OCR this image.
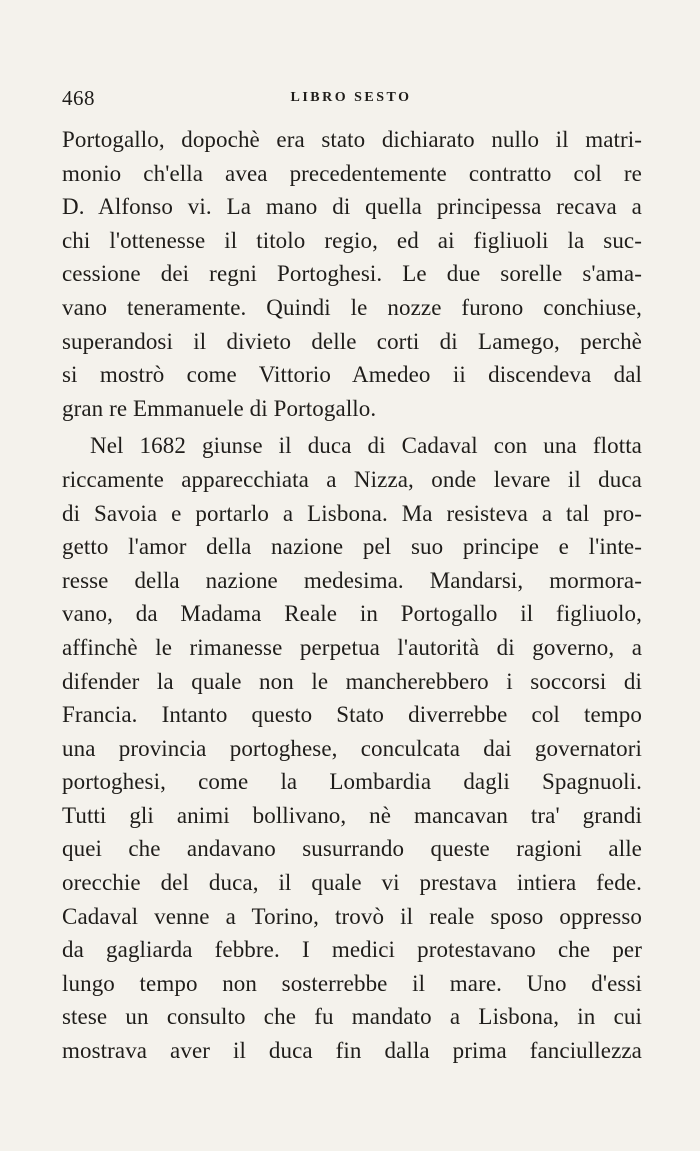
468	LIBRO SESTO
Portogallo, dopochè era stato dichiarato nullo il matri-
monio ch'ella avea precedentemente contratto col re
D. Alfonso vi. La mano di quella principessa recava a
chi l'ottenesse il titolo regio, ed ai figliuoli la suc-
cessione dei regni Portoghesi. Le due sorelle s'ama-
vano teneramente. Quindi le nozze furono conchiuse,
superandosi il divieto delle corti di Lamego, perchè
si mostrò come Vittorio Amedeo ii discendeva dal
gran re Emmanuele di Portogallo.
Nel 1682 giunse il duca di Cadaval con una flotta
riccamente apparecchiata a Nizza, onde levare il duca
di Savoia e portarlo a Lisbona. Ma resisteva a tal pro-
getto l'amor della nazione pel suo principe e l'inte-
resse della nazione medesima. Mandarsi, mormora-
vano, da Madama Reale in Portogallo il figliuolo,
affinchè le rimanesse perpetua l'autorità di governo, a
difender la quale non le mancherebbero i soccorsi di
Francia. Intanto questo Stato diverrebbe col tempo
una provincia portoghese, conculcata dai governatori
portoghesi, come la Lombardia dagli Spagnuoli.
Tutti gli animi bollivano, nè mancavan tra' grandi
quei che andavano susurrando queste ragioni alle
orecchie del duca, il quale vi prestava intiera fede.
Cadaval venne a Torino, trovò il reale sposo oppresso
da gagliarda febbre. I medici protestavano che per
lungo tempo non sosterrebbe il mare. Uno d'essi
stese un consulto che fu mandato a Lisbona, in cui
mostrava aver il duca fin dalla prima fanciullezza
